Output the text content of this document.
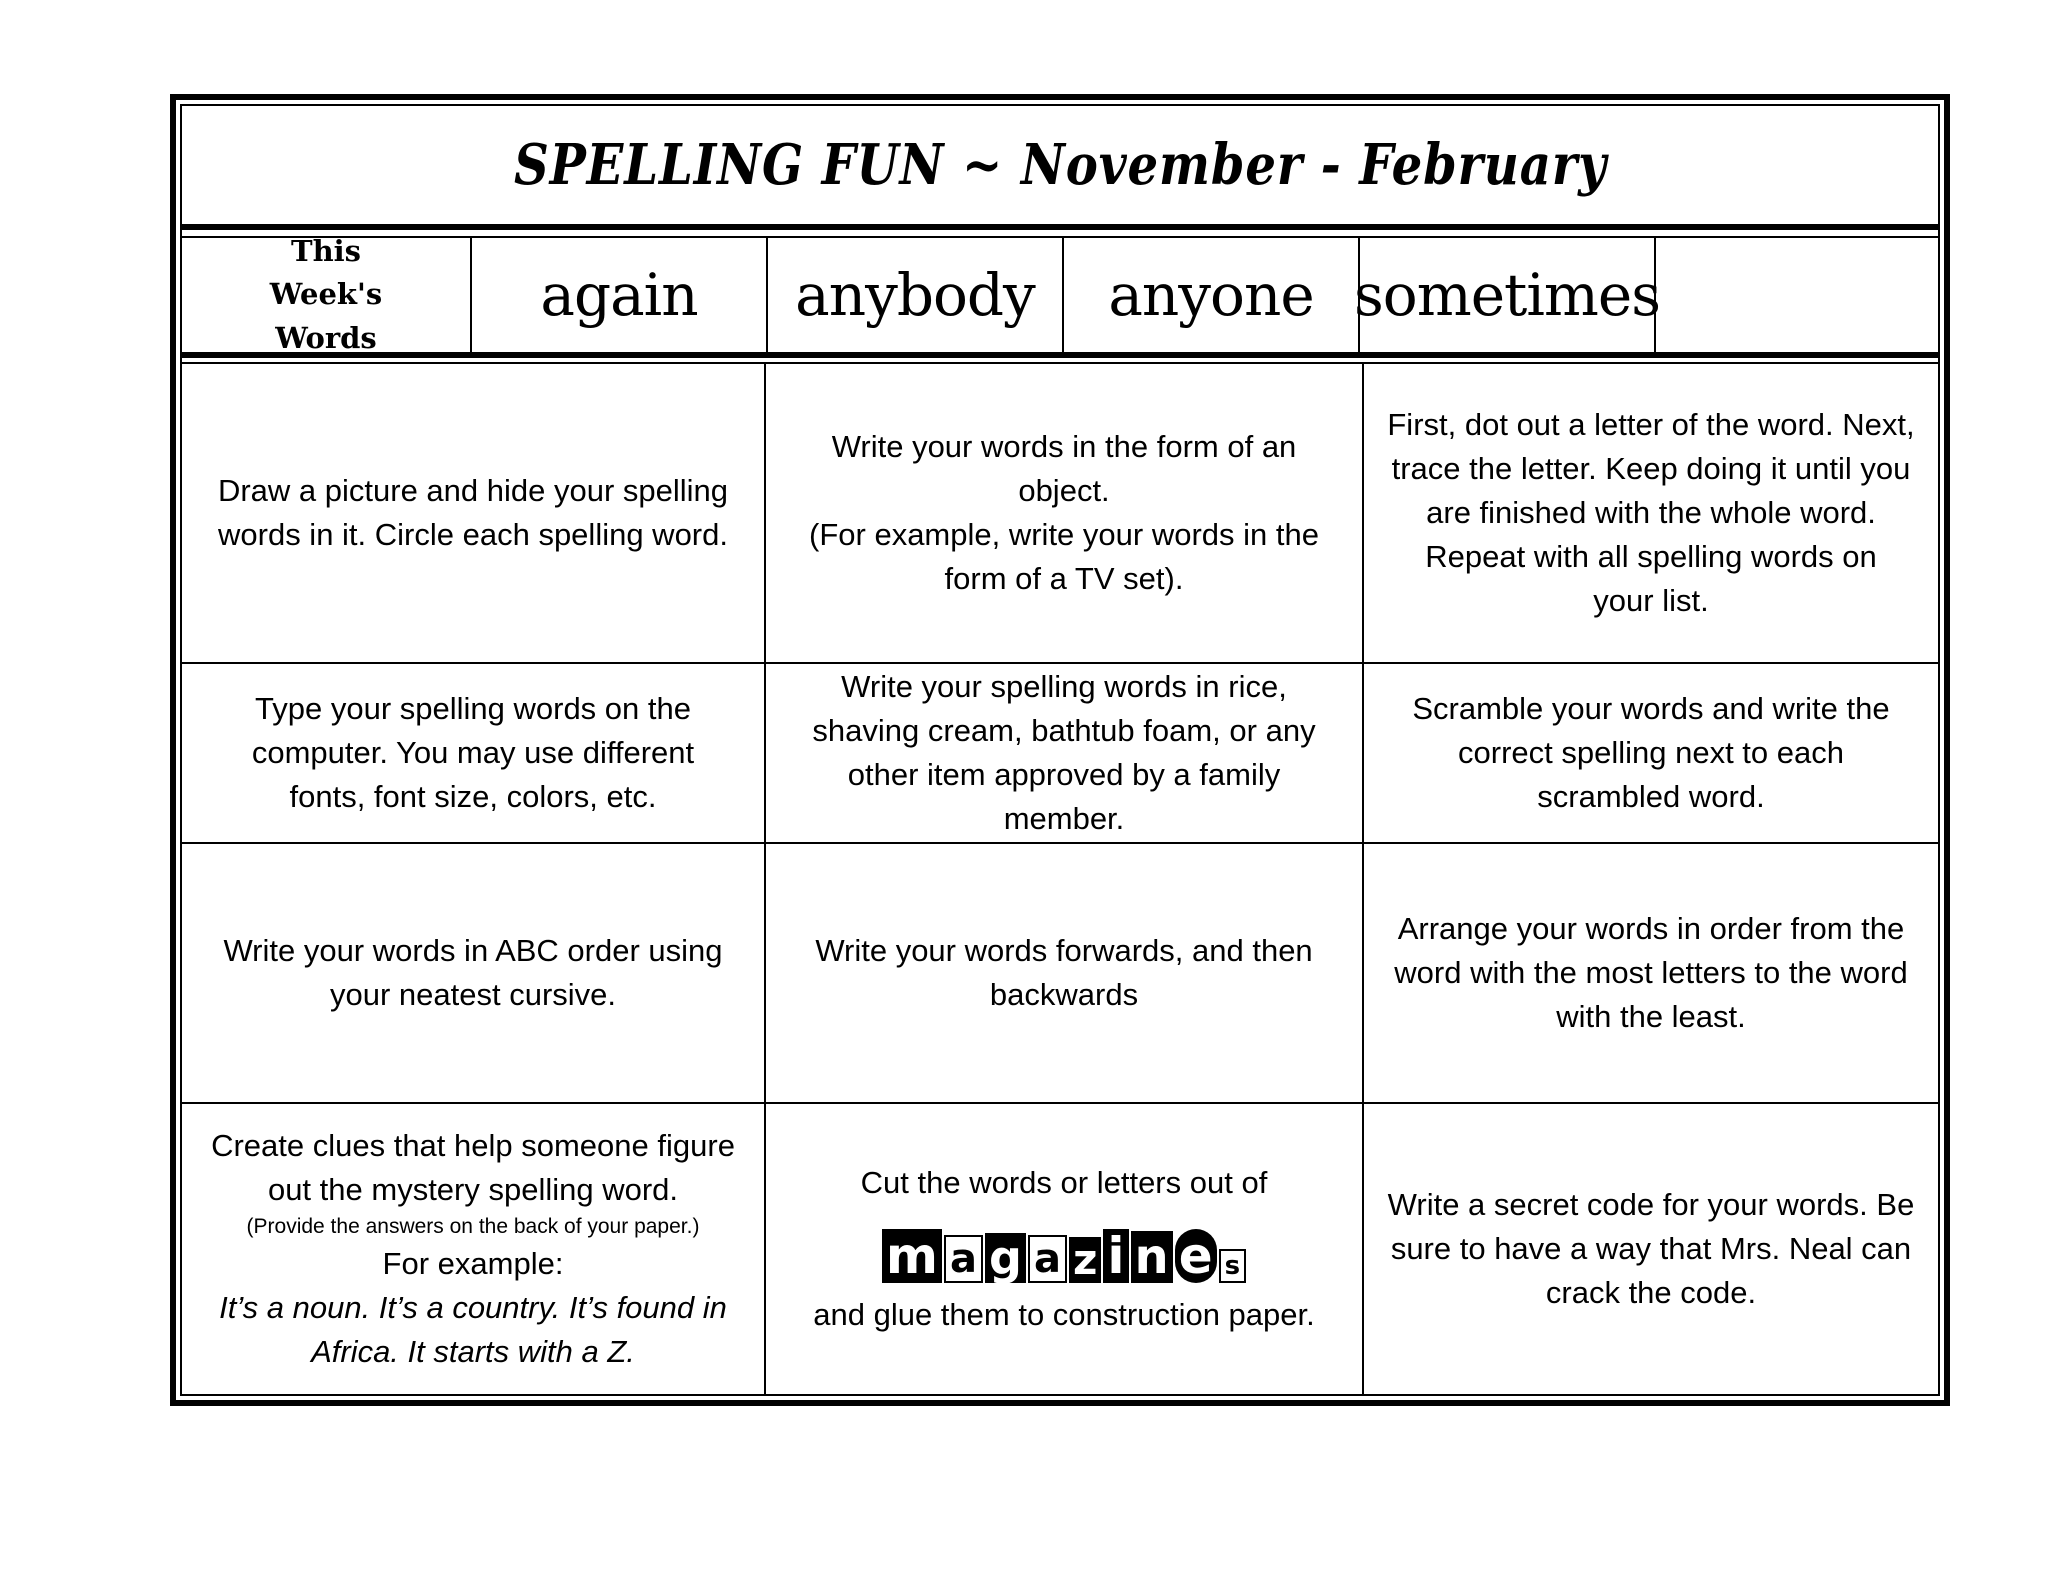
SPELLING FUN ~ November - February
This Week's Words
again	anybody	anyone sometimes

Draw a picture and hide your spelling words in it. Circle each spelling word.

Write your words in the form of an object.

(For example, write your words in the form of a TV set).

First, dot out a letter of the word. Next, trace the letter. Keep doing it until you are finished with the whole word.

Repeat with all spelling words on your list.

Type your spelling words on the computer. You may use different fonts, font size, colors, etc.

Write your spelling words in rice, shaving cream, bathtub foam, or any other item approved by a family member.

Scramble your words and write the correct spelling next to each scrambled word.

Write your words in ABC order using your neatest cursive.

Write your words forwards, and then backwards

Arrange your words in order from the word with the most letters to the word with the least.

Create clues that help someone figure out the mystery spelling word.

(Provide the answers on the back of your paper.)

For example:

It’s a noun. It’s a country. It’s found in Africa. It starts with a Z.

Cut the words or letters out of

m a g a z i n e s

and glue them to construction paper.

Write a secret code for your words. Be sure to have a way that Mrs. Neal can crack the code.
